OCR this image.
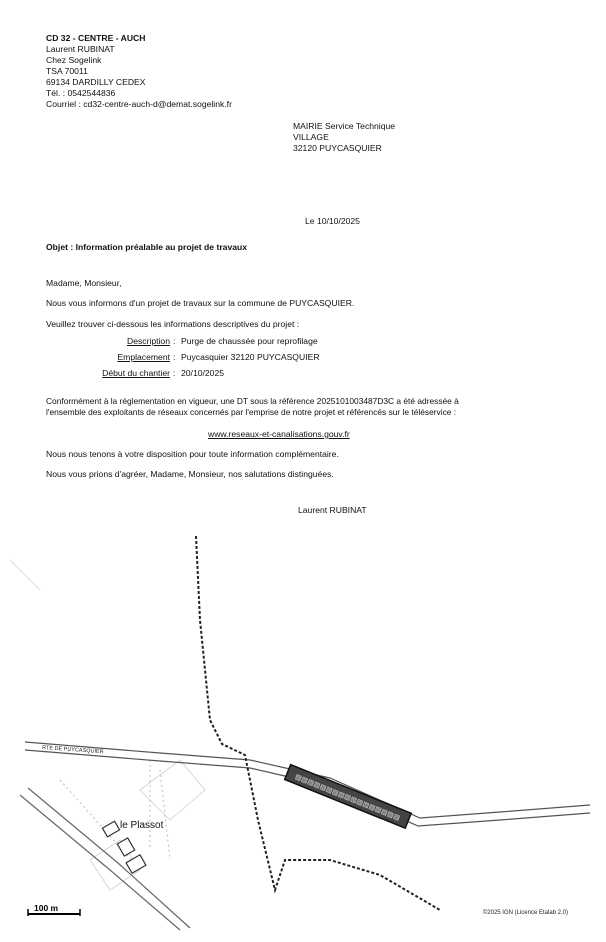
CD 32 - CENTRE - AUCH
Laurent RUBINAT
Chez Sogelink
TSA 70011
69134 DARDILLY CEDEX
Tél. : 0542544836
Courriel : cd32-centre-auch-d@demat.sogelink.fr
MAIRIE Service Technique
VILLAGE
32120 PUYCASQUIER
Le 10/10/2025
Objet : Information préalable au projet de travaux
Madame, Monsieur,
Nous vous informons d'un projet de travaux sur la commune de PUYCASQUIER.
Veuillez trouver ci-dessous les informations descriptives du projet :
Description : Purge de chaussée pour reprofilage
Emplacement : Puycasquier 32120 PUYCASQUIER
Début du chantier : 20/10/2025
Conformément à la réglementation en vigueur, une DT sous la référence 2025101003487D3C a été adressée à
l'ensemble des exploitants de réseaux concernés par l'emprise de notre projet et référencés sur le téléservice :
www.reseaux-et-canalisations.gouv.fr
Nous nous tenons à votre disposition pour toute information complémentaire.
Nous vous prions d'agréer, Madame, Monsieur, nos salutations distinguées.
Laurent RUBINAT
▨▨▨▨▨▨▨▨▨▨▨▨▨▨▨▨▨
RTE DE PUYCASQUIER
le Plassot
100 m	©2025 IGN (Licence Etalab 2.0)
